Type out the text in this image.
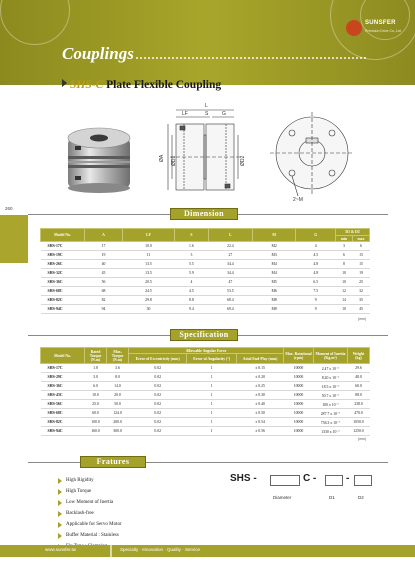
Couplings
SUNSFER
Precision Drive Co.,Ltd
SHS-C Plate Flexible Coupling
260
L
LF	S	G
ØA ØD1	ØD2
2~M
Dimension
Model No.	A	LF	S	L	M	G	D1 & D2	
							min	max
SHS-17C	17	10.0	1.6	22.4	M2	4	3	6
SHS-19C	19	11	3	27	M3	4.5	6	15
SHS-26C	40	13.5	5.5	34.4	M4	4.8	8	15
SHS-32C	45	13.5	5.9	34.4	M4	4.8	10	19
SHS-36C	56	20.5	4	47	M5	6.5	10	25
SHS-68C	68	24.5	4.5	53.5	M6	7.5	12	32
SHS-82C	82	29.8	8.8	68.4	M8	9	14	35
SHS-94C	94	30	9.4	69.4	M8	9	10	45
(mm)
Specification
Model No.	Rated Torque (N.m)	Max. Torque (N.m)	Allowable Angular Error			Max. Rotational (rpm)	Moment of Inertia (Kg.m²)	Weight (kg)
			Error of Eccentricity (mm)	Error of Angularity (°)	Axial End-Play (mm)			
SHS-17C	1.8	3.6	0.02	1	± 0.15	10000	2.47 x 10⁻⁷	29.6
SHS-29C	3.0	8.0	0.02	1	± 0.20	10000	8.20 x 10⁻⁷	48.0
SHS-36C	6.0	14.0	0.02	1	± 0.25	10000	18.5 x 10⁻⁷	60.0
SHS-43C	10.0	20.0	0.02	1	± 0.30	10000	50.7 x 10⁻⁷	88.0
SHS-56C	25.0	50.0	0.02	1	± 0.40	10000	100 x 10⁻⁷	238.0
SHS-68C	60.0	124.0	0.02	1	± 0.50	10000	287.7 x 10⁻⁷	470.0
SHS-82C	100.0	200.0	0.02	1	± 0.54	10000	736.3 x 10⁻⁷	1050.0
SHS-94C	160.0	300.0	0.02	1	± 0.56	10000	1330 x 10⁻⁷	1250.0
(mm)
Fratures
High Rigidity
High Torque
Low Moment of Inertia
Backlash-free
Applicable for Servo Motor
Buffer Material : Stainless
SHS -	C -	-
Diameter	D1	D2
www.sunsfer.tw	Specialty · Innovation · Quality · Service
